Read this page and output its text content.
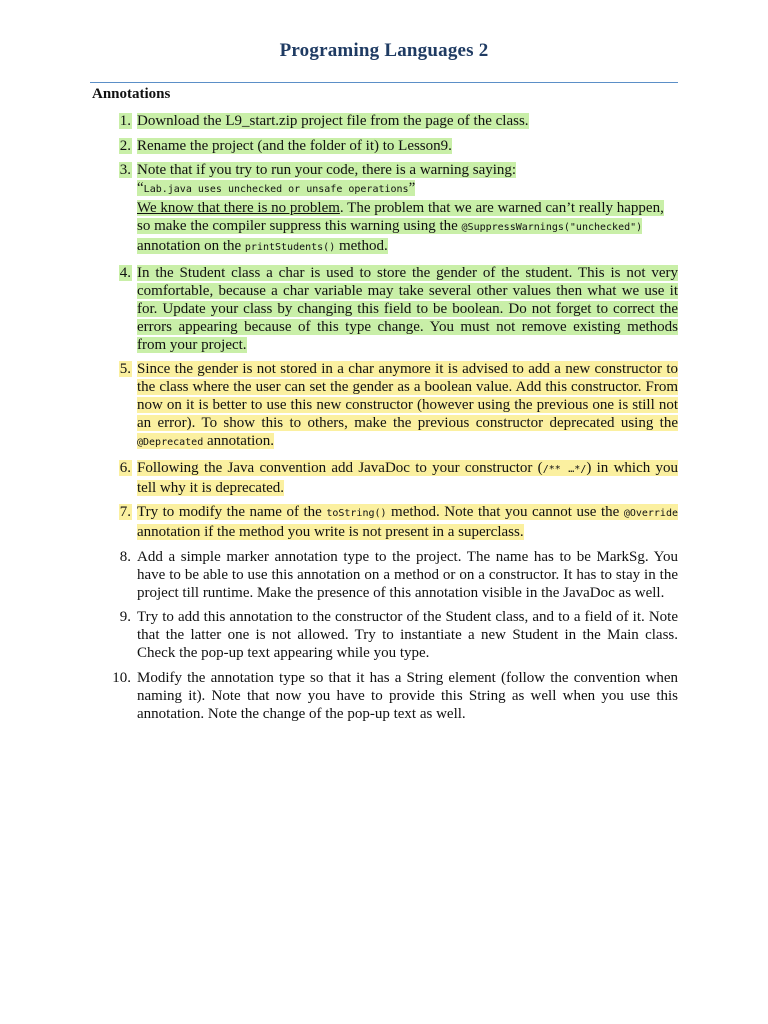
Programing Languages 2
Annotations
1. Download the L9_start.zip project file from the page of the class.
2. Rename the project (and the folder of it) to Lesson9.
3. Note that if you try to run your code, there is a warning saying:
“Lab.java uses unchecked or unsafe operations”
We know that there is no problem. The problem that we are warned can’t really happen, so make the compiler suppress this warning using the @SuppressWarnings("unchecked") annotation on the printStudents() method.
4. In the Student class a char is used to store the gender of the student. This is not very comfortable, because a char variable may take several other values then what we use it for. Update your class by changing this field to be boolean. Do not forget to correct the errors appearing because of this type change. You must not remove existing methods from your project.
5. Since the gender is not stored in a char anymore it is advised to add a new constructor to the class where the user can set the gender as a boolean value. Add this constructor. From now on it is better to use this new constructor (however using the previous one is still not an error). To show this to others, make the previous constructor deprecated using the @Deprecated annotation.
6. Following the Java convention add JavaDoc to your constructor (/** …*/) in which you tell why it is deprecated.
7. Try to modify the name of the toString() method. Note that you cannot use the @Override annotation if the method you write is not present in a superclass.
8. Add a simple marker annotation type to the project. The name has to be MarkSg. You have to be able to use this annotation on a method or on a constructor. It has to stay in the project till runtime. Make the presence of this annotation visible in the JavaDoc as well.
9. Try to add this annotation to the constructor of the Student class, and to a field of it. Note that the latter one is not allowed. Try to instantiate a new Student in the Main class. Check the pop-up text appearing while you type.
10. Modify the annotation type so that it has a String element (follow the convention when naming it). Note that now you have to provide this String as well when you use this annotation. Note the change of the pop-up text as well.
